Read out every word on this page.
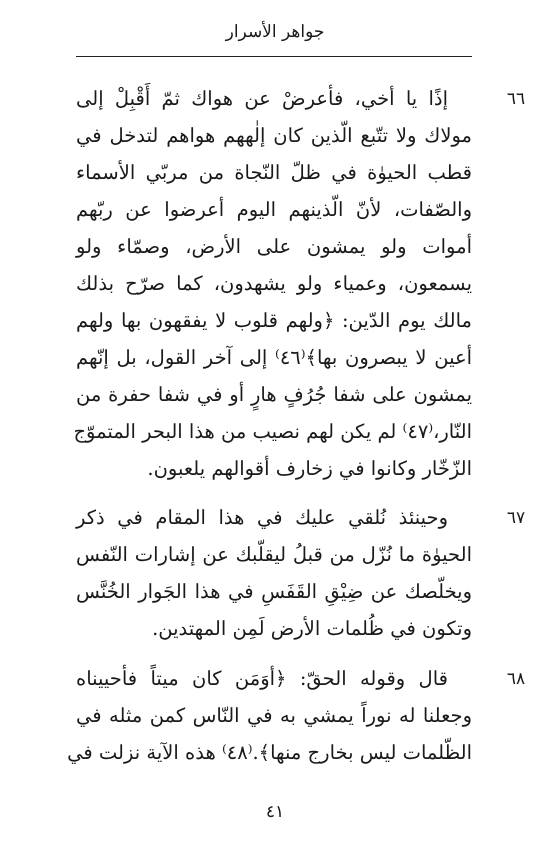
جواهر الأسرار
٦٦
إذًا يا أخي، فأعرضْ عن هواك ثمّ أَقْبِلْ إلى
مولاك ولا تتّبع الّذين كان إلٰههم هواهم لتدخل في
قطب الحيوٰة في ظلّ النّجاة من مربّي الأسماء
والصّفات، لأنّ الّذينهم اليوم أعرضوا عن ربّهم
أموات ولو يمشون على الأرض، وصمّاء ولو
يسمعون، وعمياء ولو يشهدون، كما صرّح بذلك
مالك يوم الدّين: ﴿ولهم قلوب لا يفقهون بها ولهم
أعين لا يبصرون بها﴾⁽٤٦⁾ إلى آخر القول، بل إنّهم
يمشون على شفا جُرُفٍ هارٍ أو في شفا حفرة من
النّار،⁽٤٧⁾ لم يكن لهم نصيب من هذا البحر المتموّج
الزّخّار وكانوا في زخارف أقوالهم يلعبون.
٦٧
وحينئذ نُلقي عليك في هذا المقام في ذكر
الحيوٰة ما نُزّل من قبلُ ليقلّبك عن إشارات النّفس
ويخلّصك عن ضِيْقِ القَفَسِ في هذا الجَوار الخُنَّس
وتكون في ظُلمات الأرض لَمِن المهتدين.
٦٨
قال وقوله الحقّ: ﴿أوَمَن كان ميتاً فأحييناه
وجعلنا له نوراً يمشي به في النّاس كمن مثله في
الظّلمات ليس بخارج منها﴾.⁽٤٨⁾ هذه الآية نزلت في
٤١
